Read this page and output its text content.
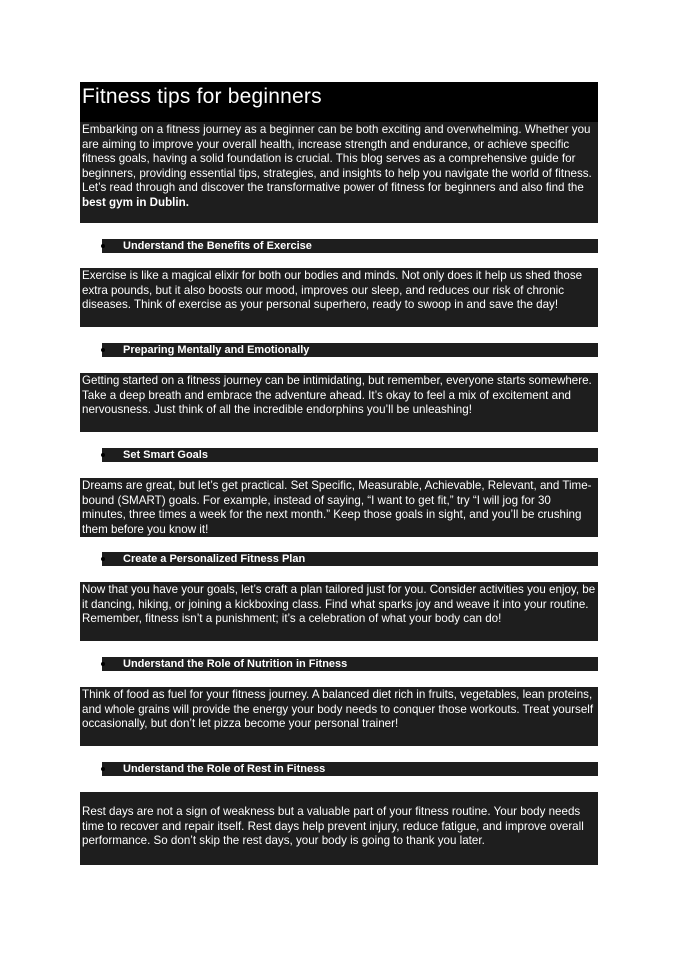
Fitness tips for beginners
Embarking on a fitness journey as a beginner can be both exciting and overwhelming. Whether you are aiming to improve your overall health, increase strength and endurance, or achieve specific fitness goals, having a solid foundation is crucial. This blog serves as a comprehensive guide for beginners, providing essential tips, strategies, and insights to help you navigate the world of fitness. Let’s read through and discover the transformative power of fitness for beginners and also find the best gym in Dublin.
Understand the Benefits of Exercise
Exercise is like a magical elixir for both our bodies and minds. Not only does it help us shed those extra pounds, but it also boosts our mood, improves our sleep, and reduces our risk of chronic diseases. Think of exercise as your personal superhero, ready to swoop in and save the day!
Preparing Mentally and Emotionally
Getting started on a fitness journey can be intimidating, but remember, everyone starts somewhere. Take a deep breath and embrace the adventure ahead. It’s okay to feel a mix of excitement and nervousness. Just think of all the incredible endorphins you’ll be unleashing!
Set Smart Goals
Dreams are great, but let’s get practical. Set Specific, Measurable, Achievable, Relevant, and Time-bound (SMART) goals. For example, instead of saying, “I want to get fit,” try “I will jog for 30 minutes, three times a week for the next month.” Keep those goals in sight, and you’ll be crushing them before you know it!
Create a Personalized Fitness Plan
Now that you have your goals, let’s craft a plan tailored just for you. Consider activities you enjoy, be it dancing, hiking, or joining a kickboxing class. Find what sparks joy and weave it into your routine. Remember, fitness isn’t a punishment; it’s a celebration of what your body can do!
Understand the Role of Nutrition in Fitness
Think of food as fuel for your fitness journey. A balanced diet rich in fruits, vegetables, lean proteins, and whole grains will provide the energy your body needs to conquer those workouts. Treat yourself occasionally, but don’t let pizza become your personal trainer!
Understand the Role of Rest in Fitness
Rest days are not a sign of weakness but a valuable part of your fitness routine. Your body needs time to recover and repair itself. Rest days help prevent injury, reduce fatigue, and improve overall performance. So don’t skip the rest days, your body is going to thank you later.
